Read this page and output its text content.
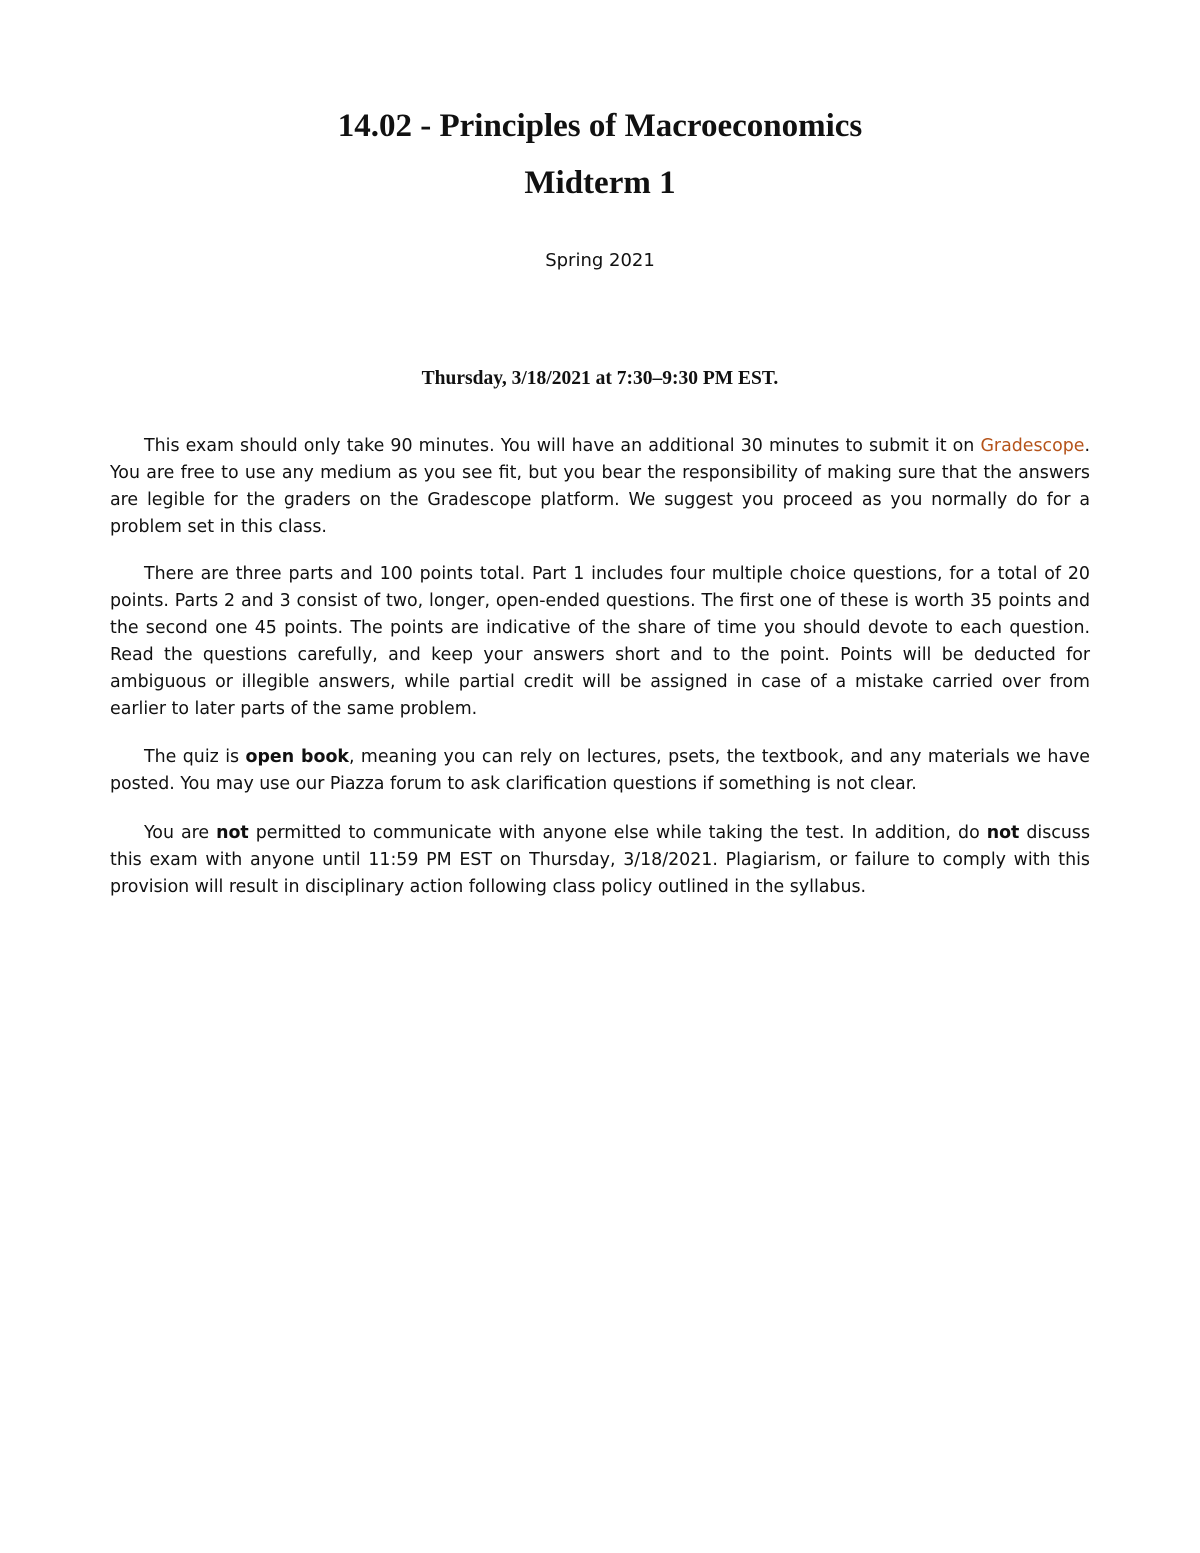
14.02 - Principles of Macroeconomics
Midterm 1
Spring 2021
Thursday, 3/18/2021 at 7:30–9:30 PM EST.

This exam should only take 90 minutes. You will have an additional 30 minutes to submit it on Gradescope. You are free to use any medium as you see fit, but you bear the responsibility of making sure that the answers are legible for the graders on the Gradescope platform. We suggest you proceed as you normally do for a problem set in this class.

There are three parts and 100 points total. Part 1 includes four multiple choice questions, for a total of 20 points. Parts 2 and 3 consist of two, longer, open-ended questions. The first one of these is worth 35 points and the second one 45 points. The points are indicative of the share of time you should devote to each question. Read the questions carefully, and keep your answers short and to the point. Points will be deducted for ambiguous or illegible answers, while partial credit will be assigned in case of a mistake carried over from earlier to later parts of the same problem.

The quiz is open book, meaning you can rely on lectures, psets, the textbook, and any materials we have posted. You may use our Piazza forum to ask clarification questions if something is not clear.

You are not permitted to communicate with anyone else while taking the test. In addition, do not discuss this exam with anyone until 11:59 PM EST on Thursday, 3/18/2021. Plagiarism, or failure to comply with this provision will result in disciplinary action following class policy outlined in the syllabus.
